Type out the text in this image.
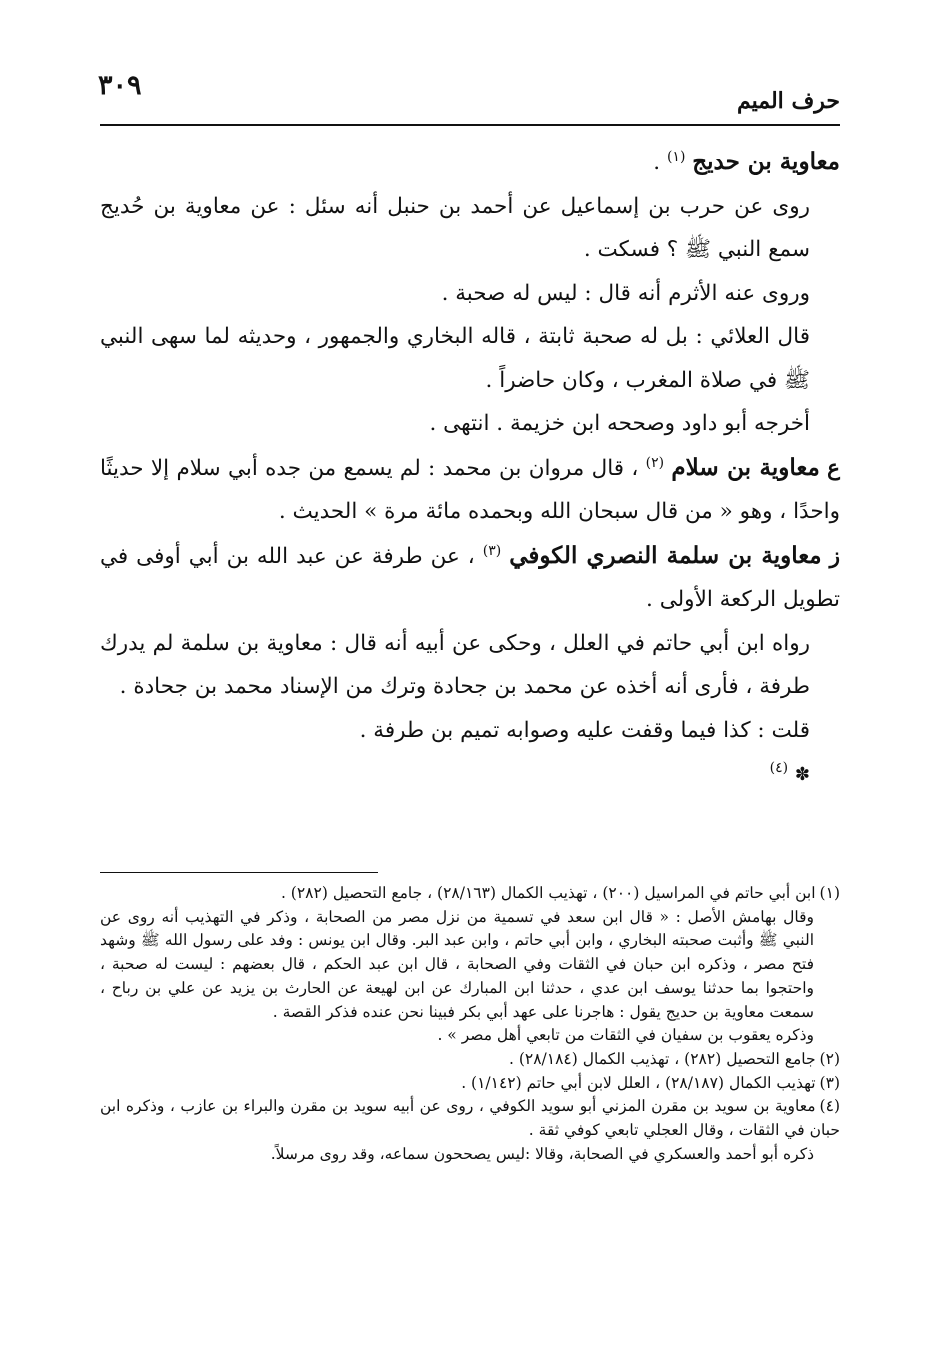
حرف الميم
٣٠٩

معاوية بن حديج $^{(١)}$ .

روى عن حرب بن إسماعيل عن أحمد بن حنبل أنه سئل : عن معاوية بن حُديج سمع النبي ﷺ ؟ فسكت .

وروى عنه الأثرم أنه قال : ليس له صحبة .

قال العلائي : بل له صحبة ثابتة ، قاله البخاري والجمهور ، وحديثه لما سهى النبي ﷺ في صلاة المغرب ، وكان حاضراً .

أخرجه أبو داود وصححه ابن خزيمة . انتهى .

ع معاوية بن سلام $^{(٢)}$ ، قال مروان بن محمد : لم يسمع من جده أبي سلام إلا حديثًا واحدًا ، وهو « من قال سبحان الله وبحمده مائة مرة » الحديث .

ز معاوية بن سلمة النصري الكوفي $^{(٣)}$ ، عن طرفة عن عبد الله بن أبي أوفى في تطويل الركعة الأولى .

رواه ابن أبي حاتم في العلل ، وحكى عن أبيه أنه قال : معاوية بن سلمة لم يدرك طرفة ، فأرى أنه أخذه عن محمد بن جحادة وترك من الإسناد محمد بن جحادة .

قلت : كذا فيما وقفت عليه وصوابه تميم بن طرفة .

✽ $^{(٤)}$

(١)ابن أبي حاتم في المراسيل (٢٠٠) ، تهذيب الكمال (٢٨/١٦٣) ، جامع التحصيل (٢٨٢) .

وقال بهامش الأصل : « قال ابن سعد في تسمية من نزل مصر من الصحابة ، وذكر في التهذيب أنه روى عن النبي ﷺ وأثبت صحبته البخاري ، وابن أبي حاتم ، وابن عبد البر. وقال ابن يونس : وفد على رسول الله ﷺ وشهد فتح مصر ، وذكره ابن حبان في الثقات وفي الصحابة ، قال ابن عبد الحكم ، قال بعضهم : ليست له صحبة ، واحتجوا بما حدثنا يوسف ابن عدي ، حدثنا ابن المبارك عن ابن لهيعة عن الحارث بن يزيد عن علي بن رباح ، سمعت معاوية بن حديج يقول : هاجرنا على عهد أبي بكر فبينا نحن عنده فذكر القصة .

وذكره يعقوب بن سفيان في الثقات من تابعي أهل مصر » .

(٢)جامع التحصيل (٢٨٢) ، تهذيب الكمال (٢٨/١٨٤) .

(٣)تهذيب الكمال (٢٨/١٨٧) ، العلل لابن أبي حاتم (١/١٤٢) .

(٤)معاوية بن سويد بن مقرن المزني أبو سويد الكوفي ، روى عن أبيه سويد بن مقرن والبراء بن عازب ، وذكره ابن حبان في الثقات ، وقال العجلي تابعي كوفي ثقة .

ذكره أبو أحمد والعسكري في الصحابة، وقالا :ليس يصححون سماعه، وقد روى مرسلاً.
